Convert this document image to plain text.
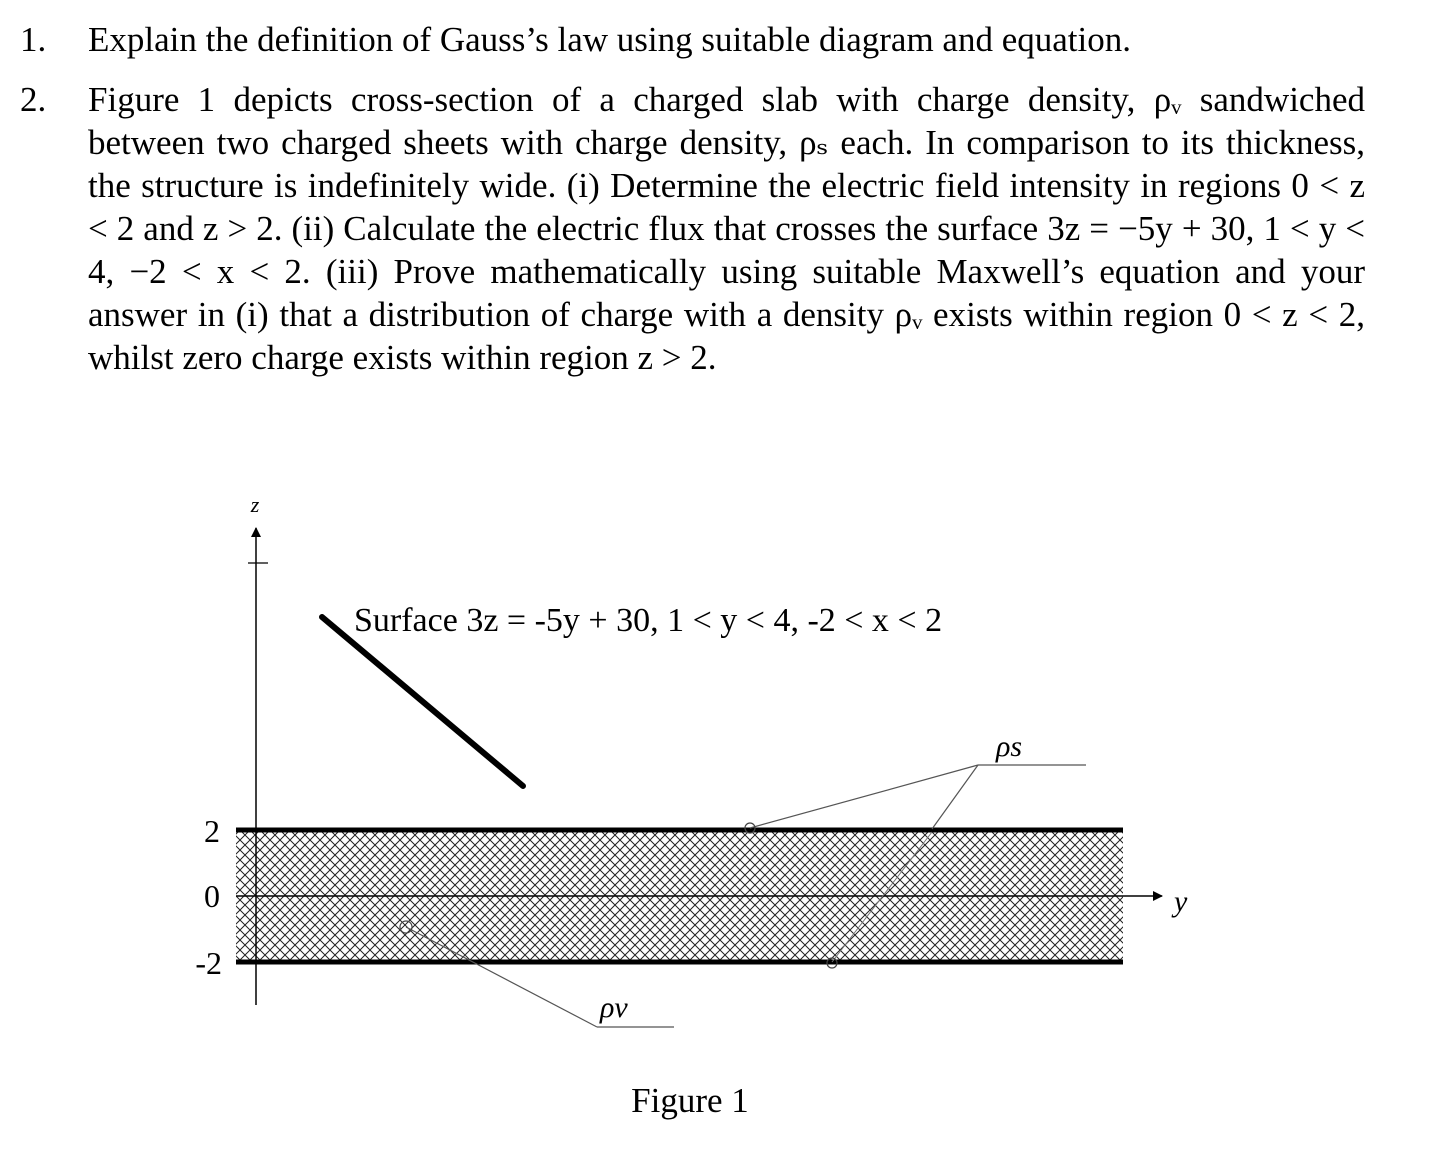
1. Explain the definition of Gauss’s law using suitable diagram and equation.
2. Figure 1 depicts cross-section of a charged slab with charge density, ρᵥ sandwiched between two charged sheets with charge density, ρₛ each. In comparison to its thickness, the structure is indefinitely wide. (i) Determine the electric field intensity in regions 0 < z < 2 and z > 2. (ii) Calculate the electric flux that crosses the surface 3z = −5y + 30, 1 < y < 4, −2 < x < 2. (iii) Prove mathematically using suitable Maxwell’s equation and your answer in (i) that a distribution of charge with a density ρᵥ exists within region 0 < z < 2, whilst zero charge exists within region z > 2.
z
y
2
0
-2
Surface 3z = -5y + 30, 1 < y < 4, -2 < x < 2
ρs
ρv
Figure 1
